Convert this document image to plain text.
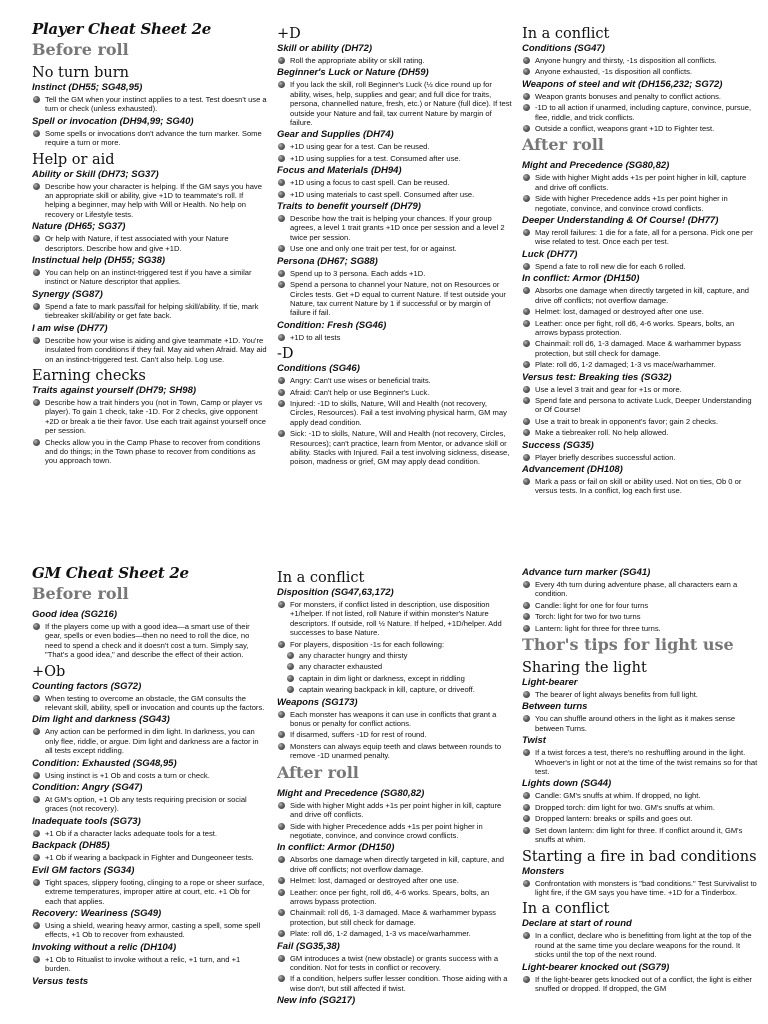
Player Cheat Sheet 2e
Before roll
No turn burn
Instinct (DH55; SG48,95)
Tell the GM when your instinct applies to a test. Test doesn't use a turn or check (unless exhausted).
Spell or invocation (DH94,99; SG40)
Some spells or invocations don't advance the turn marker. Some require a turn or more.
Help or aid
Ability or Skill (DH73; SG37)
Describe how your character is helping. If the GM says you have an appropriate skill or ability, give +1D to teammate's roll. If helping a beginner, may help with Will or Health. No help on recovery or Lifestyle tests.
Nature (DH65; SG37)
Or help with Nature, if test associated with your Nature descriptors. Describe how and give +1D.
Instinctual help (DH55; SG38)
You can help on an instinct-triggered test if you have a similar instinct or Nature descriptor that applies.
Synergy (SG87)
Spend a fate to mark pass/fail for helping skill/ability. If tie, mark tiebreaker skill/ability or get fate back.
I am wise (DH77)
Describe how your wise is aiding and give teammate +1D. You're insulated from conditions if they fail. May aid when Afraid. May aid on an instinct-triggered test. Can't also help. Log use.
Earning checks
Traits against yourself (DH79; SH98)
Describe how a trait hinders you (not in Town, Camp or player vs player). To gain 1 check, take -1D. For 2 checks, give opponent +2D or break a tie their favor. Use each trait against yourself once per session.
Checks allow you in the Camp Phase to recover from conditions and do things; in the Town phase to recover from conditions as you approach town.
+D
Skill or ability (DH72)
Roll the appropriate ability or skill rating.
Beginner's Luck or Nature (DH59)
If you lack the skill, roll Beginner's Luck (½ dice round up for ability, wises, help, supplies and gear; and full dice for traits, persona, channelled nature, fresh, etc.) or Nature (full dice). If test outside your Nature and fail, tax current Nature by margin of failure.
Gear and Supplies (DH74)
+1D using gear for a test. Can be reused.
+1D using supplies for a test. Consumed after use.
Focus and Materials (DH94)
+1D using a focus to cast spell. Can be reused.
+1D using materials to cast spell. Consumed after use.
Traits to benefit yourself (DH79)
Describe how the trait is helping your chances. If your group agrees, a level 1 trait grants +1D once per session and a level 2 twice per session.
Use one and only one trait per test, for or against.
Persona (DH67; SG88)
Spend up to 3 persona. Each adds +1D.
Spend a persona to channel your Nature, not on Resources or Circles tests. Get +D equal to current Nature. If test outside your Nature, tax current Nature by 1 if successful or by margin of failure if fail.
Condition: Fresh (SG46)
+1D to all tests
-D
Conditions (SG46)
Angry: Can't use wises or beneficial traits.
Afraid: Can't help or use Beginner's Luck.
Injured: -1D to skills, Nature, Will and Health (not recovery, Circles, Resources). Fail a test involving physical harm, GM may apply dead condition.
Sick: -1D to skills, Nature, Will and Health (not recovery, Circles, Resources); can't practice, learn from Mentor, or advance skill or ability. Stacks with Injured. Fail a test involving sickness, disease, poison, madness or grief, GM may apply dead condition.
In a conflict
Conditions (SG47)
Anyone hungry and thirsty, -1s disposition all conflicts.
Anyone exhausted, -1s disposition all conflicts.
Weapons of steel and wit (DH156,232; SG72)
Weapon grants bonuses and penalty to conflict actions.
-1D to all action if unarmed, including capture, convince, pursue, flee, riddle, and trick conflicts.
Outside a conflict, weapons grant +1D to Fighter test.
After roll
Might and Precedence (SG80,82)
Side with higher Might adds +1s per point higher in kill, capture and drive off conflicts.
Side with higher Precedence adds +1s per point higher in negotiate, convince, and convince crowd conflicts.
Deeper Understanding & Of Course! (DH77)
May reroll failures: 1 die for a fate, all for a persona. Pick one per wise related to test. Once each per test.
Luck (DH77)
Spend a fate to roll new die for each 6 rolled.
In conflict: Armor (DH150)
Absorbs one damage when directly targeted in kill, capture, and drive off conflicts; not overflow damage.
Helmet: lost, damaged or destroyed after one use.
Leather: once per fight, roll d6, 4-6 works. Spears, bolts, an arrows bypass protection.
Chainmail: roll d6, 1-3 damaged. Mace & warhammer bypass protection, but still check for damage.
Plate: roll d6, 1-2 damaged; 1-3 vs mace/warhammer.
Versus test: Breaking ties (SG32)
Use a level 3 trait and gear for +1s or more.
Spend fate and persona to activate Luck, Deeper Understanding or Of Course!
Use a trait to break in opponent's favor; gain 2 checks.
Make a tiebreaker roll. No help allowed.
Success (SG35)
Player briefly describes successful action.
Advancement (DH108)
Mark a pass or fail on skill or ability used. Not on ties, Ob 0 or versus tests. In a conflict, log each first use.

GM Cheat Sheet 2e
Before roll
Good idea (SG216)
If the players come up with a good idea—a smart use of their gear, spells or even bodies—then no need to roll the dice, no need to spend a check and it doesn't cost a turn. Simply say, "That's a good idea," and describe the effect of their action.
+Ob
Counting factors (SG72)
When testing to overcome an obstacle, the GM consults the relevant skill, ability, spell or invocation and counts up the factors.
Dim light and darkness (SG43)
Any action can be performed in dim light. In darkness, you can only flee, riddle, or argue. Dim light and darkness are a factor in all tests except riddling.
Condition: Exhausted (SG48,95)
Using instinct is +1 Ob and costs a turn or check.
Condition: Angry (SG47)
At GM's option, +1 Ob any tests requiring precision or social graces (not recovery).
Inadequate tools (SG73)
+1 Ob if a character lacks adequate tools for a test.
Backpack (DH85)
+1 Ob if wearing a backpack in Fighter and Dungeoneer tests.
Evil GM factors (SG34)
Tight spaces, slippery footing, clinging to a rope or sheer surface, extreme temperatures, improper attire at court, etc. +1 Ob for each that applies.
Recovery: Weariness (SG49)
Using a shield, wearing heavy armor, casting a spell, some spell effects, +1 Ob to recover from exhausted.
Invoking without a relic (DH104)
+1 Ob to Ritualist to invoke without a relic, +1 turn, and +1 burden.
Versus tests
In a conflict
Disposition (SG47,63,172)
For monsters, if conflict listed in description, use disposition +1/helper. If not listed, roll Nature if within monster's Nature descriptors. If outside, roll ½ Nature. If helped, +1D/helper. Add successes to base Nature.
For players, disposition -1s for each following:
any character hungry and thirsty
any character exhausted
captain in dim light or darkness, except in riddling
captain wearing backpack in kill, capture, or driveoff.
Weapons (SG173)
Each monster has weapons it can use in conflicts that grant a bonus or penalty for conflict actions.
If disarmed, suffers -1D for rest of round.
Monsters can always equip teeth and claws between rounds to remove -1D unarmed penalty.
After roll
Might and Precedence (SG80,82)
Side with higher Might adds +1s per point higher in kill, capture and drive off conflicts.
Side with higher Precedence adds +1s per point higher in negotiate, convince, and convince crowd conflicts.
In conflict: Armor (DH150)
Absorbs one damage when directly targeted in kill, capture, and drive off conflicts; not overflow damage.
Helmet: lost, damaged or destroyed after one use.
Leather: once per fight, roll d6, 4-6 works. Spears, bolts, an arrows bypass protection.
Chainmail: roll d6, 1-3 damaged. Mace & warhammer bypass protection, but still check for damage.
Plate: roll d6, 1-2 damaged, 1-3 vs mace/warhammer.
Fail (SG35,38)
GM introduces a twist (new obstacle) or grants success with a condition. Not for tests in conflict or recovery.
If a condition, helpers suffer lesser condition. Those aiding with a wise don't, but still affected if twist.
New info (SG217)
Advance turn marker (SG41)
Every 4th turn during adventure phase, all characters earn a condition.
Candle: light for one for four turns
Torch: light for two for two turns
Lantern: light for three for three turns.
Thor's tips for light use
Sharing the light
Light-bearer
The bearer of light always benefits from full light.
Between turns
You can shuffle around others in the light as it makes sense between Turns.
Twist
If a twist forces a test, there's no reshuffling around in the light. Whoever's in light or not at the time of the twist remains so for that test.
Lights down (SG44)
Candle: GM's snuffs at whim. If dropped, no light.
Dropped torch: dim light for two. GM's snuffs at whim.
Dropped lantern: breaks or spills and goes out.
Set down lantern: dim light for three. If conflict around it, GM's snuffs at whim.
Starting a fire in bad conditions
Monsters
Confrontation with monsters is "bad conditions." Test Survivalist to light fire, if the GM says you have time. +1D for a Tinderbox.
In a conflict
Declare at start of round
In a conflict, declare who is benefitting from light at the top of the round at the same time you declare weapons for the round. It sticks until the top of the next round.
Light-bearer knocked out (SG79)
If the light-bearer gets knocked out of a conflict, the light is either snuffed or dropped. If dropped, the GM
